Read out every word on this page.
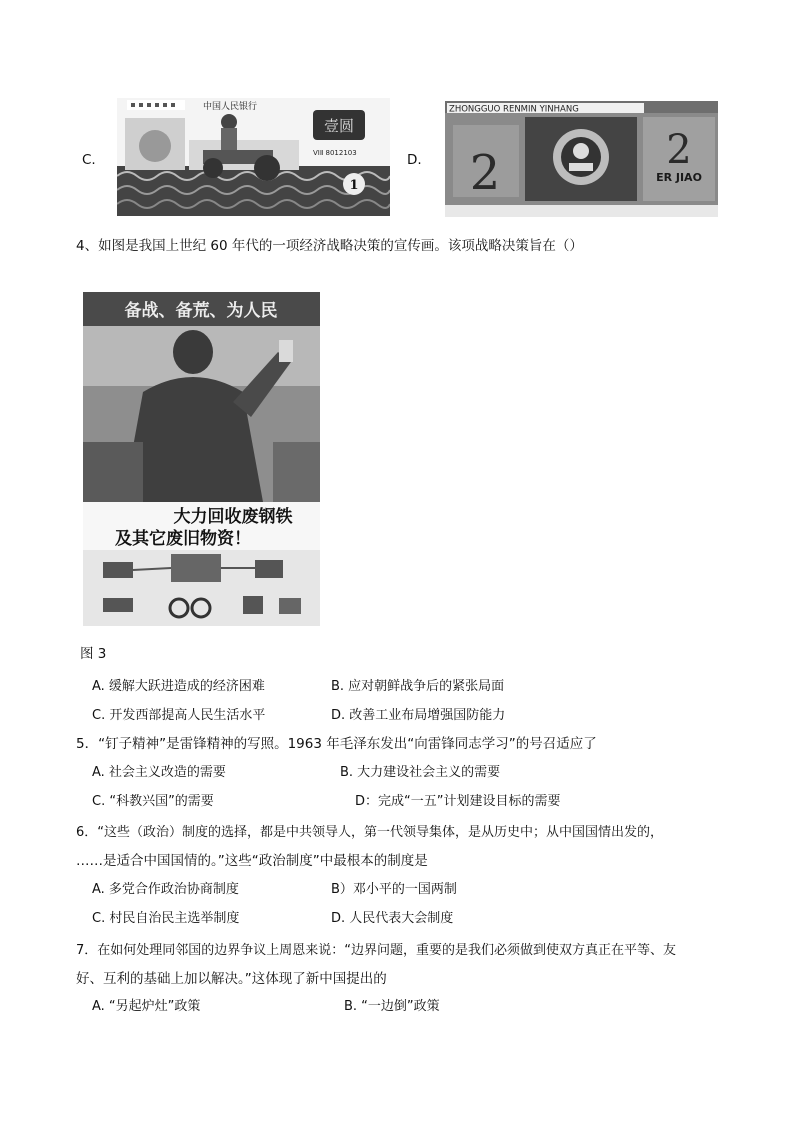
C.
壹圆
中国人民银行
VIⅡ 8012103
1
D.
ZHONGGUO RENMIN YINHANG
2	2
ER JIAO
4、如图是我国上世纪 60 年代的一项经济战略决策的宣传画。该项战略决策旨在（）
备战、备荒、为人民
大力回收废钢铁
及其它废旧物资！
图 3
A. 缓解大跃进造成的经济困难	B. 应对朝鲜战争后的紧张局面
C. 开发西部提高人民生活水平	D. 改善工业布局增强国防能力
5．“钉子精神”是雷锋精神的写照。1963 年毛泽东发出“向雷锋同志学习”的号召适应了
A. 社会主义改造的需要	B. 大力建设社会主义的需要
C. “科教兴国”的需要	D：完成“一五”计划建设目标的需要
6．“这些（政治）制度的选择，都是中共领导人，第一代领导集体，是从历史中；从中国国情出发的，
……是适合中国国情的。”这些“政治制度”中最根本的制度是
A. 多党合作政治协商制度	B）邓小平的一国两制
C. 村民自治民主选举制度	D. 人民代表大会制度
7．在如何处理同邻国的边界争议上周恩来说：“边界问题，重要的是我们必须做到使双方真正在平等、友
好、互利的基础上加以解决。”这体现了新中国提出的
A. “另起炉灶”政策	B. “一边倒”政策
